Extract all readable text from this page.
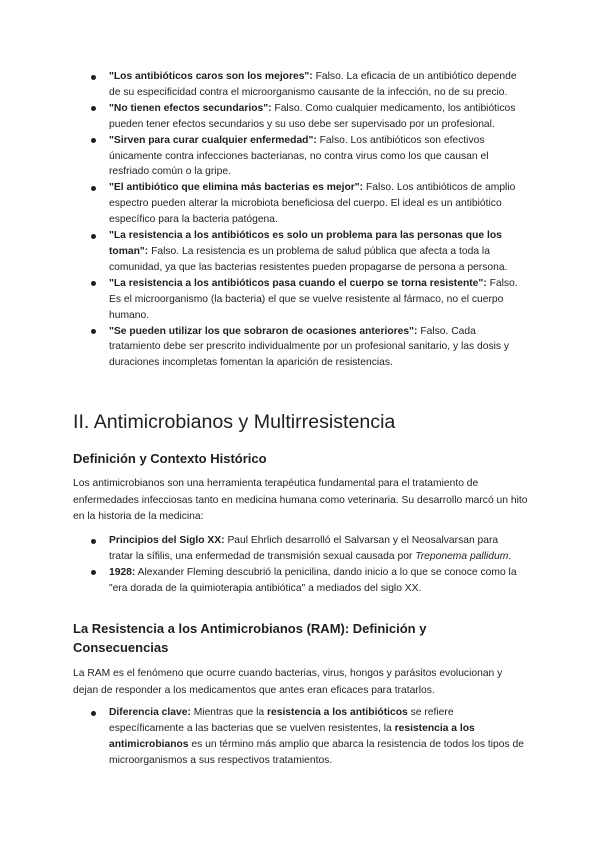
"Los antibióticos caros son los mejores": Falso. La eficacia de un antibiótico depende de su especificidad contra el microorganismo causante de la infección, no de su precio.
"No tienen efectos secundarios": Falso. Como cualquier medicamento, los antibióticos pueden tener efectos secundarios y su uso debe ser supervisado por un profesional.
"Sirven para curar cualquier enfermedad": Falso. Los antibióticos son efectivos únicamente contra infecciones bacterianas, no contra virus como los que causan el resfriado común o la gripe.
"El antibiótico que elimina más bacterias es mejor": Falso. Los antibióticos de amplio espectro pueden alterar la microbiota beneficiosa del cuerpo. El ideal es un antibiótico específico para la bacteria patógena.
"La resistencia a los antibióticos es solo un problema para las personas que los toman": Falso. La resistencia es un problema de salud pública que afecta a toda la comunidad, ya que las bacterias resistentes pueden propagarse de persona a persona.
"La resistencia a los antibióticos pasa cuando el cuerpo se torna resistente": Falso. Es el microorganismo (la bacteria) el que se vuelve resistente al fármaco, no el cuerpo humano.
"Se pueden utilizar los que sobraron de ocasiones anteriores": Falso. Cada tratamiento debe ser prescrito individualmente por un profesional sanitario, y las dosis y duraciones incompletas fomentan la aparición de resistencias.
II. Antimicrobianos y Multirresistencia
Definición y Contexto Histórico

Los antimicrobianos son una herramienta terapéutica fundamental para el tratamiento de enfermedades infecciosas tanto en medicina humana como veterinaria. Su desarrollo marcó un hito en la historia de la medicina:

Principios del Siglo XX: Paul Ehrlich desarrolló el Salvarsan y el Neosalvarsan para tratar la sífilis, una enfermedad de transmisión sexual causada por Treponema pallidum.
1928: Alexander Fleming descubrió la penicilina, dando inicio a lo que se conoce como la "era dorada de la quimioterapia antibiótica" a mediados del siglo XX.
La Resistencia a los Antimicrobianos (RAM): Definición y Consecuencias

La RAM es el fenómeno que ocurre cuando bacterias, virus, hongos y parásitos evolucionan y dejan de responder a los medicamentos que antes eran eficaces para tratarlos.

Diferencia clave: Mientras que la resistencia a los antibióticos se refiere específicamente a las bacterias que se vuelven resistentes, la resistencia a los antimicrobianos es un término más amplio que abarca la resistencia de todos los tipos de microorganismos a sus respectivos tratamientos.
